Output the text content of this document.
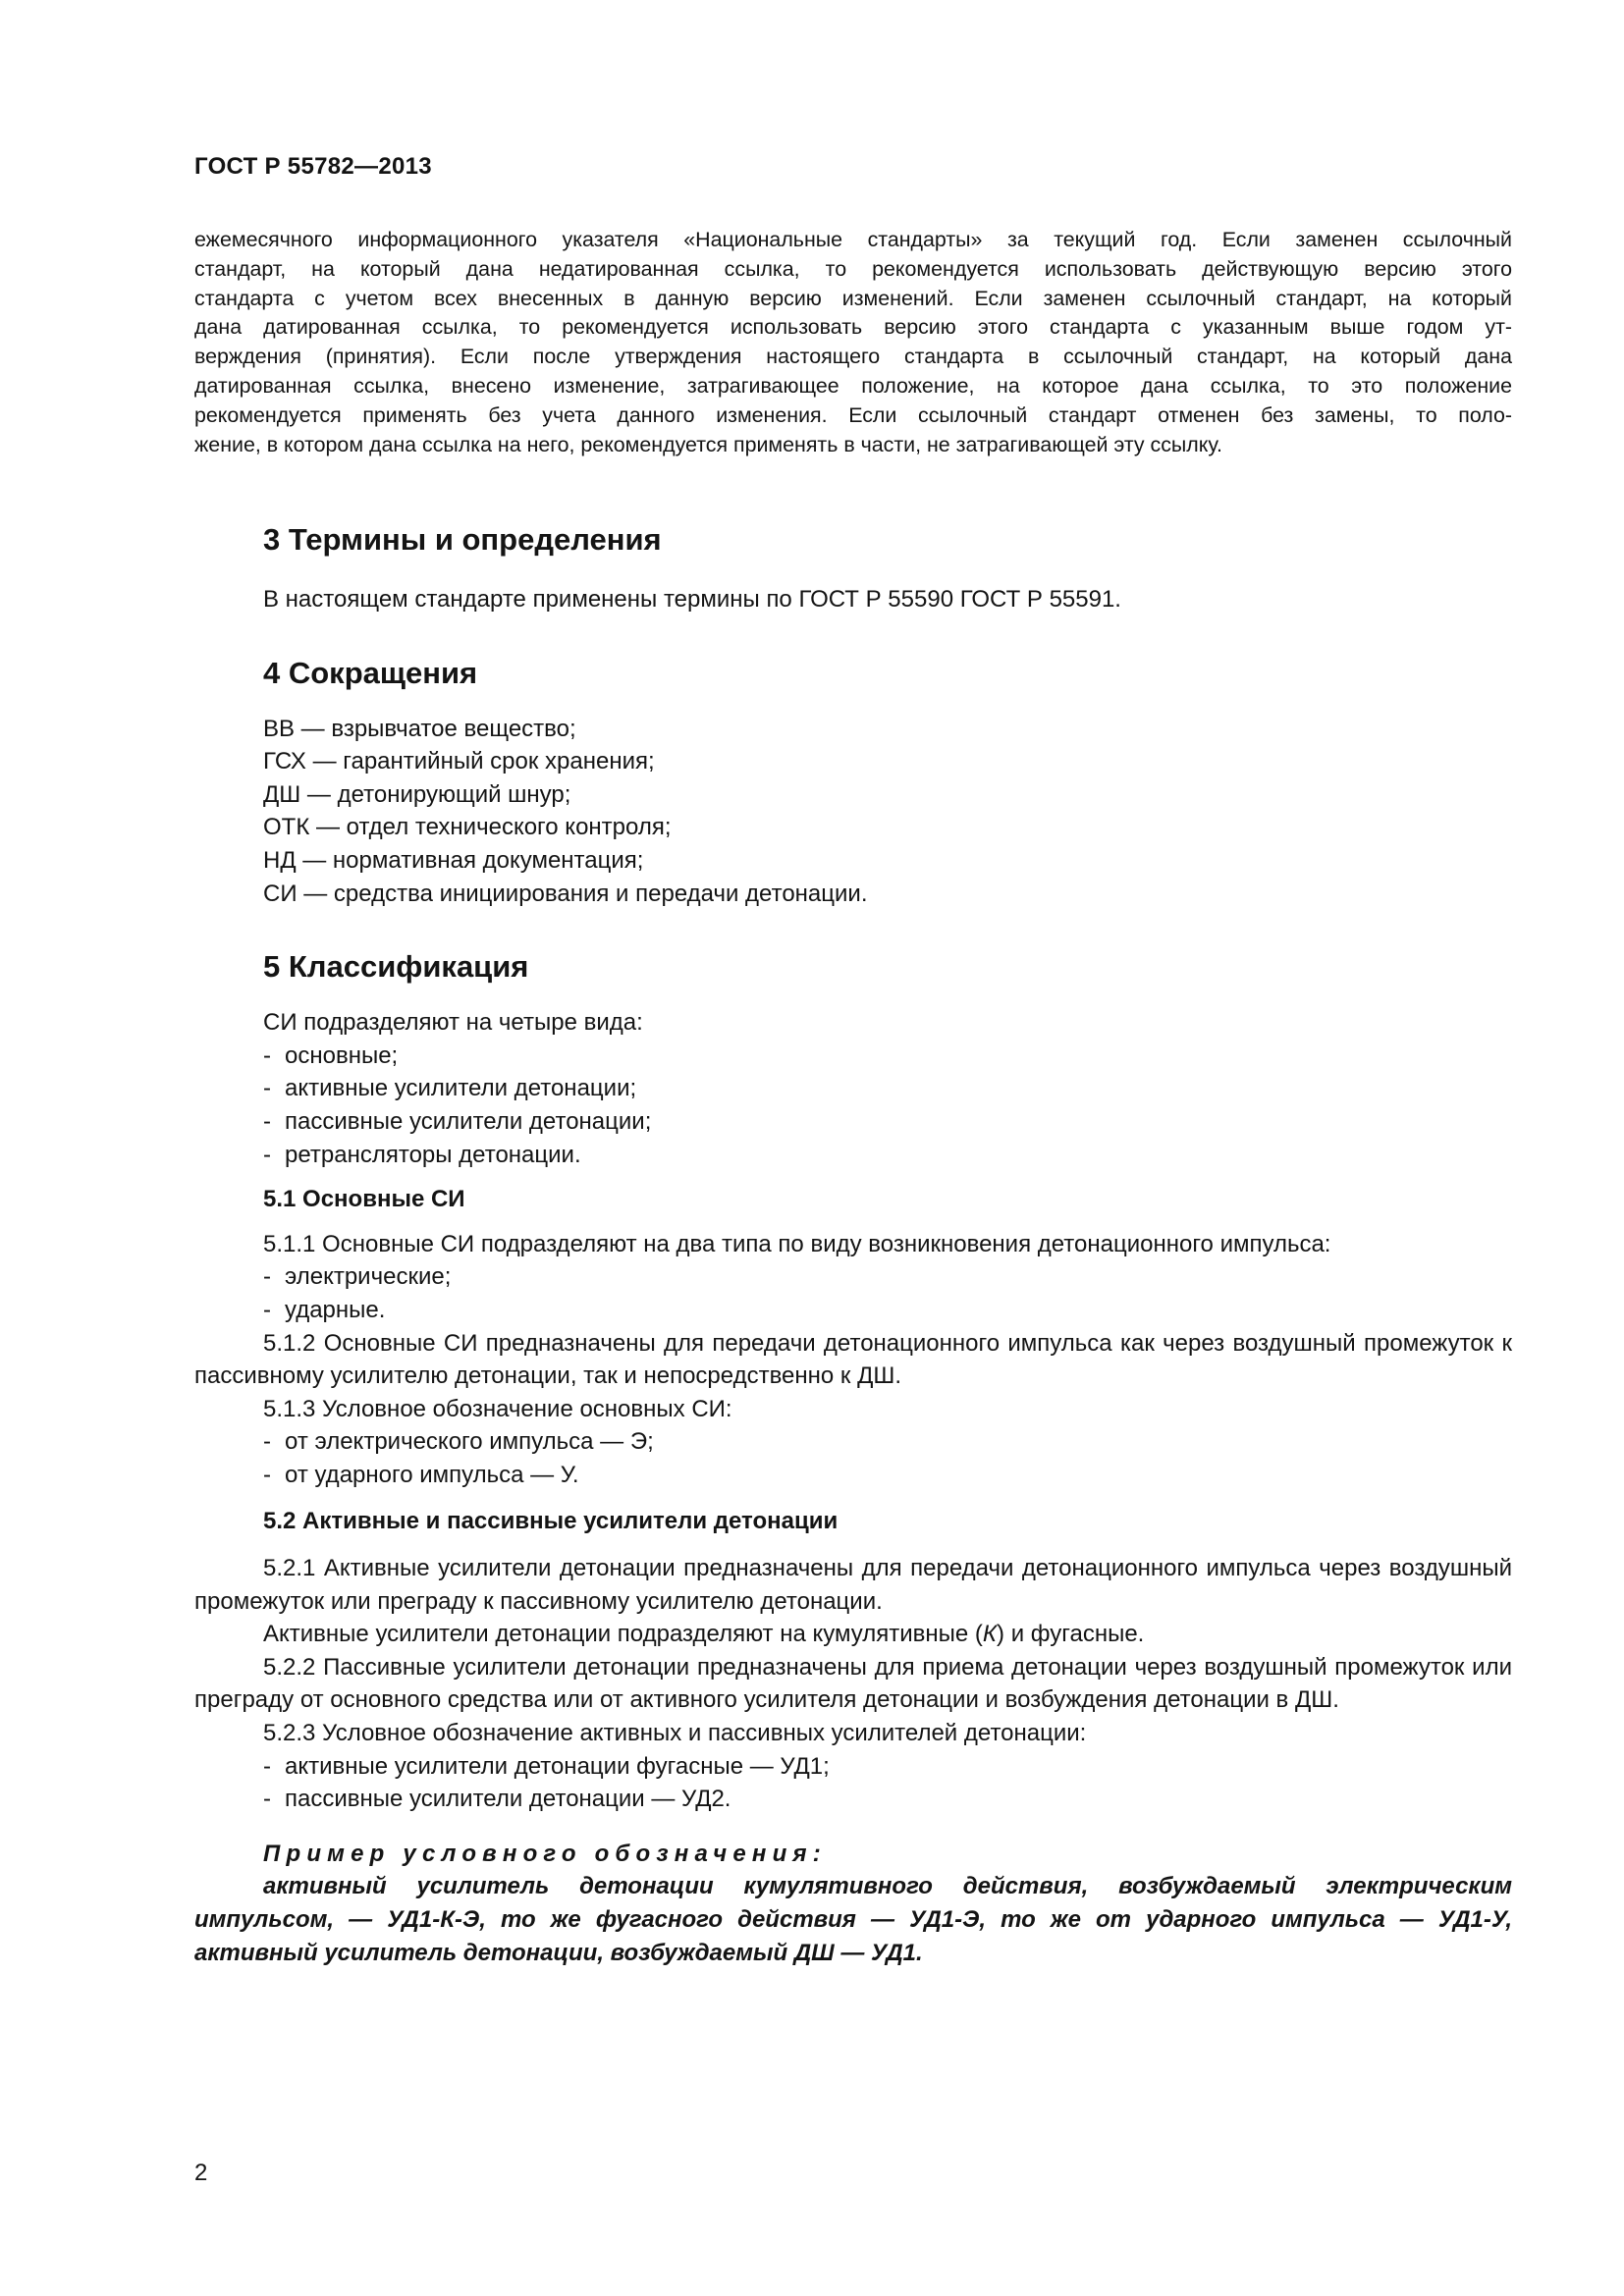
ГОСТ Р 55782—2013
ежемесячного информационного указателя «Национальные стандарты» за текущий год. Если заменен ссылочный
стандарт, на который дана недатированная ссылка, то рекомендуется использовать действующую версию этого
стандарта с учетом всех внесенных в данную версию изменений. Если заменен ссылочный стандарт, на который
дана датированная ссылка, то рекомендуется использовать версию этого стандарта с указанным выше годом ут-
верждения (принятия). Если после утверждения настоящего стандарта в ссылочный стандарт, на который дана
датированная ссылка, внесено изменение, затрагивающее положение, на которое дана ссылка, то это положение
рекомендуется применять без учета данного изменения. Если ссылочный стандарт отменен без замены, то поло-
жение, в котором дана ссылка на него, рекомендуется применять в части, не затрагивающей эту ссылку.

3 Термины и определения

В настоящем стандарте применены термины по ГОСТ Р 55590 ГОСТ Р 55591.

4 Сокращения

ВВ — взрывчатое вещество;

ГСХ — гарантийный срок хранения;

ДШ — детонирующий шнур;

ОТК — отдел технического контроля;

НД — нормативная документация;

СИ — средства инициирования и передачи детонации.

5 Классификация

СИ подразделяют на четыре вида:

- основные;

- активные усилители детонации;

- пассивные усилители детонации;

- ретрансляторы детонации.

5.1 Основные СИ

5.1.1 Основные СИ подразделяют на два типа по виду возникновения детонационного импульса:

- электрические;

- ударные.

5.1.2 Основные СИ предназначены для передачи детонационного импульса как через воздушный промежуток к пассивному усилителю детонации, так и непосредственно к ДШ.

5.1.3 Условное обозначение основных СИ:

- от электрического импульса — Э;

- от ударного импульса — У.

5.2 Активные и пассивные усилители детонации

5.2.1 Активные усилители детонации предназначены для передачи детонационного импульса через воздушный промежуток или преграду к пассивному усилителю детонации.

Активные усилители детонации подразделяют на кумулятивные (К) и фугасные.

5.2.2 Пассивные усилители детонации предназначены для приема детонации через воздушный промежуток или преграду от основного средства или от активного усилителя детонации и возбуждения детонации в ДШ.

5.2.3 Условное обозначение активных и пассивных усилителей детонации:

- активные усилители детонации фугасные — УД1;

- пассивные усилители детонации — УД2.

Пример условного обозначения:

активный усилитель детонации кумулятивного действия, возбуждаемый электрическим импульсом, — УД1-К-Э, то же фугасного действия — УД1-Э, то же от ударного импульса — УД1-У, активный усилитель детонации, возбуждаемый ДШ — УД1.

2
